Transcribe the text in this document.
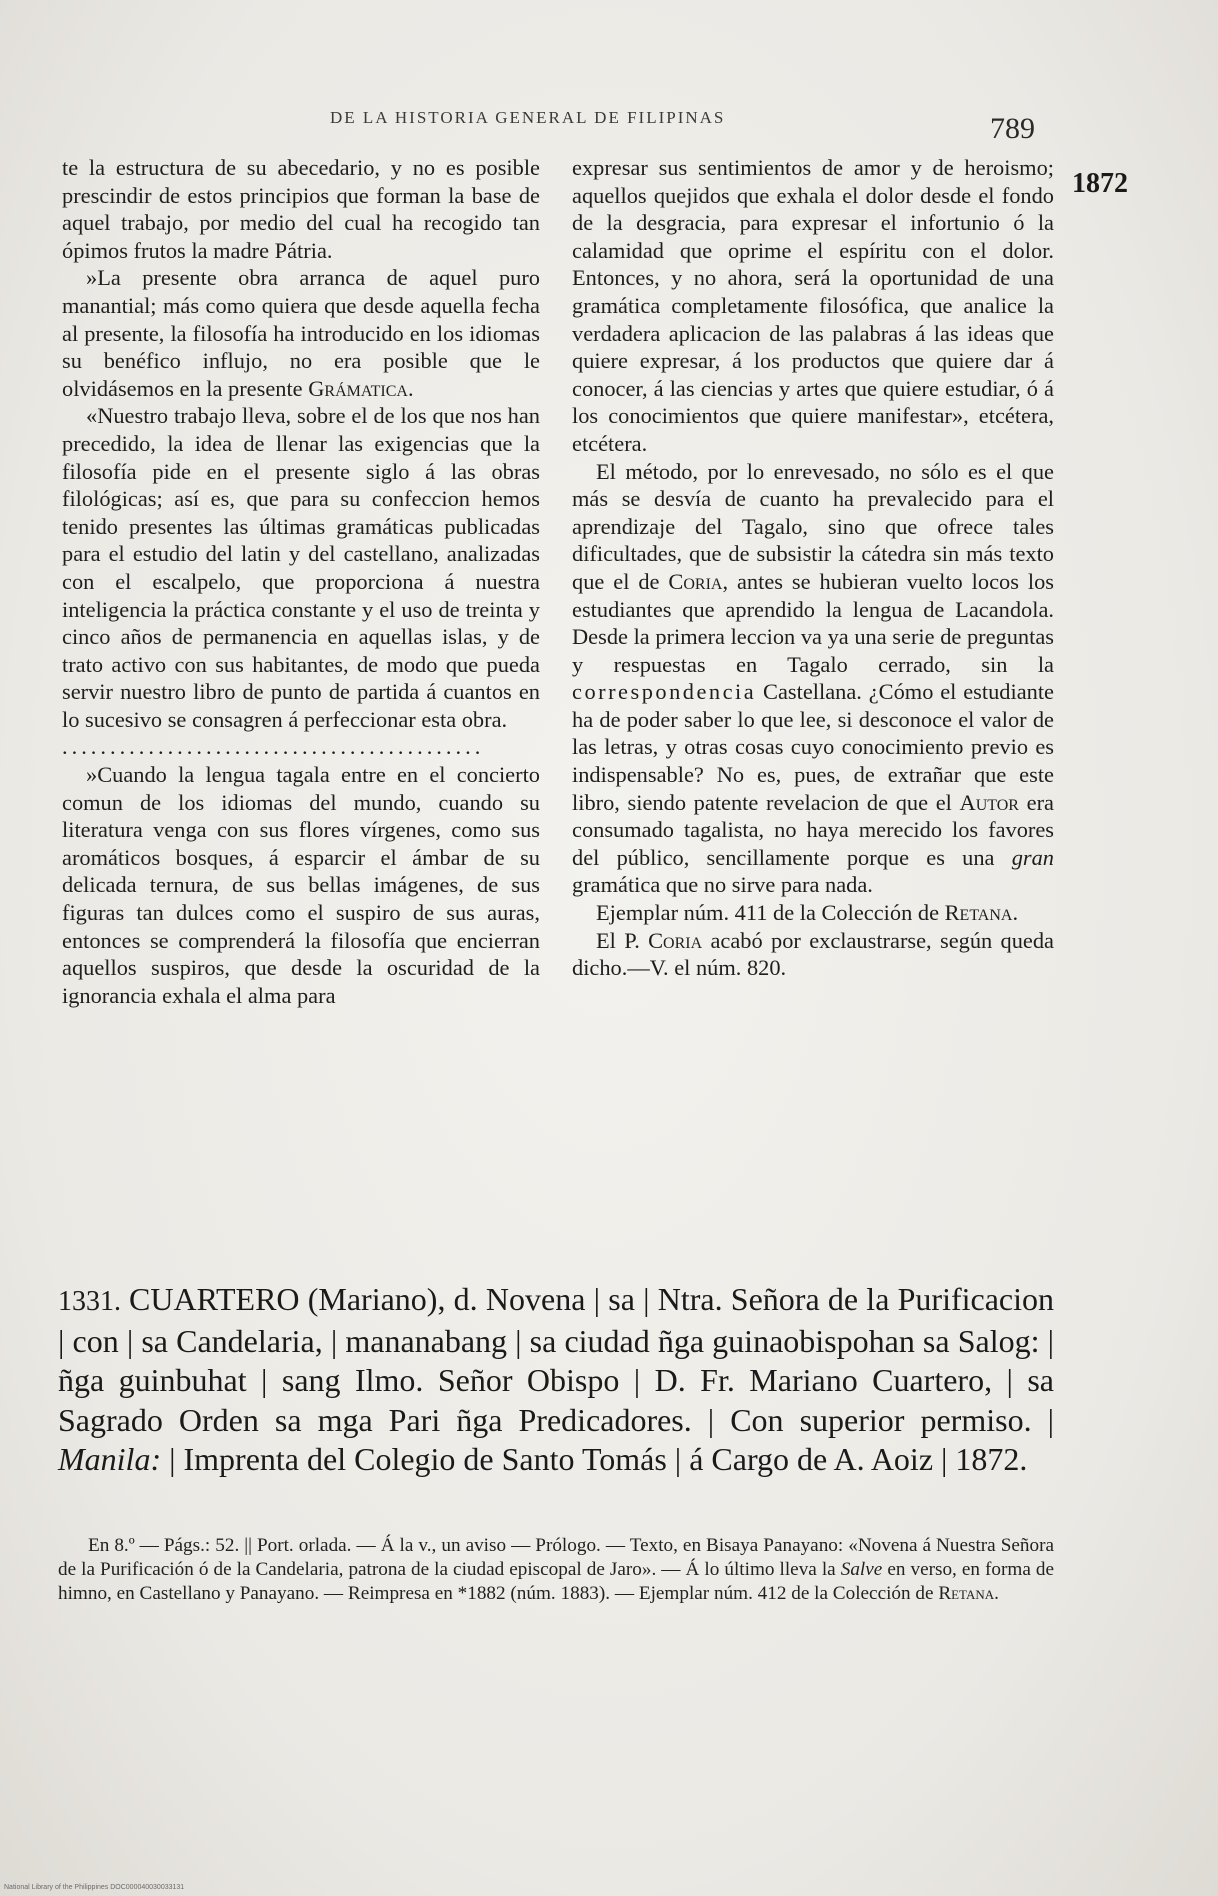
DE LA HISTORIA GENERAL DE FILIPINAS	789
1872

te la estructura de su abecedario, y no es posible prescindir de estos principios que forman la base de aquel trabajo, por medio del cual ha recogido tan ópimos frutos la madre Pátria.

»La presente obra arranca de aquel puro manantial; más como quiera que desde aquella fecha al presente, la filosofía ha introducido en los idiomas su benéfico influjo, no era posible que le olvidásemos en la presente Grámatica.

«Nuestro trabajo lleva, sobre el de los que nos han precedido, la idea de llenar las exigencias que la filosofía pide en el presente siglo á las obras filológicas; así es, que para su confeccion hemos tenido presentes las últimas gramáticas publicadas para el estudio del latin y del castellano, analizadas con el escalpelo, que proporciona á nuestra inteligencia la práctica constante y el uso de treinta y cinco años de permanencia en aquellas islas, y de trato activo con sus habitantes, de modo que pueda servir nuestro libro de punto de partida á cuantos en lo sucesivo se consagren á perfeccionar esta obra.

............................................

»Cuando la lengua tagala entre en el concierto comun de los idiomas del mundo, cuando su literatura venga con sus flores vírgenes, como sus aromáticos bosques, á esparcir el ámbar de su delicada ternura, de sus bellas imágenes, de sus figuras tan dulces como el suspiro de sus auras, entonces se comprenderá la filosofía que encierran aquellos suspiros, que desde la oscuridad de la ignorancia exhala el alma para

expresar sus sentimientos de amor y de heroismo; aquellos quejidos que exhala el dolor desde el fondo de la desgracia, para expresar el infortunio ó la calamidad que oprime el espíritu con el dolor. Entonces, y no ahora, será la oportunidad de una gramática completamente filosófica, que analice la verdadera aplicacion de las palabras á las ideas que quiere expresar, á los productos que quiere dar á conocer, á las ciencias y artes que quiere estudiar, ó á los conocimientos que quiere manifestar», etcétera, etcétera.

El método, por lo enrevesado, no sólo es el que más se desvía de cuanto ha prevalecido para el aprendizaje del Tagalo, sino que ofrece tales dificultades, que de subsistir la cátedra sin más texto que el de Coria, antes se hubieran vuelto locos los estudiantes que aprendido la lengua de Lacandola. Desde la primera leccion va ya una serie de preguntas y respuestas en Tagalo cerrado, sin la correspondencia Castellana. ¿Cómo el estudiante ha de poder saber lo que lee, si desconoce el valor de las letras, y otras cosas cuyo conocimiento previo es indispensable? No es, pues, de extrañar que este libro, siendo patente revelacion de que el Autor era consumado tagalista, no haya merecido los favores del público, sencillamente porque es una gran gramática que no sirve para nada.

Ejemplar núm. 411 de la Colección de Retana.

El P. Coria acabó por exclaustrarse, según queda dicho.—V. el núm. 820.

1331. CUARTERO (Mariano), d. Novena | sa | Ntra. Señora de la Purificacion | con | sa Candelaria, | mananabang | sa ciudad ñga guinaobispohan sa Salog: | ñga guinbuhat | sang Ilmo. Señor Obispo | D. Fr. Mariano Cuartero, | sa Sagrado Orden sa mga Pari ñga Predicadores. | Con superior permiso. | Manila: | Imprenta del Colegio de Santo Tomás | á Cargo de A. Aoiz | 1872.

En 8.º — Págs.: 52. || Port. orlada. — Á la v., un aviso — Prólogo. — Texto, en Bisaya Panayano: «Novena á Nuestra Señora de la Purificación ó de la Candelaria, patrona de la ciudad episcopal de Jaro». — Á lo último lleva la Salve en verso, en forma de himno, en Castellano y Panayano. — Reimpresa en *1882 (núm. 1883). — Ejemplar núm. 412 de la Colección de Retana.

National Library of the Philippines DOC000040030033131
